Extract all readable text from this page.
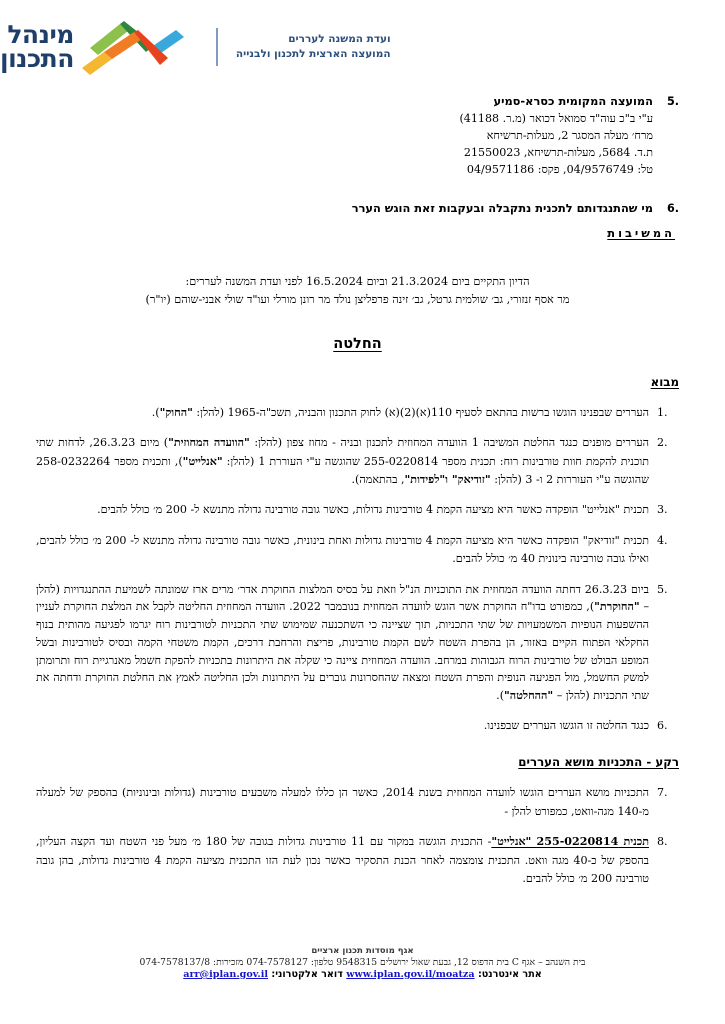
מינהל
התכנון
ועדת המשנה לעררים
המועצה הארצית לתכנון ולבנייה
5.
המועצה המקומית כסרא-סמיע
ע"י ב"כ עוה"ד סמואל דכואר (מ.ר. 41188)
מרח׳ מעלה המסגר 2, מעלות-תרשיחא
ת.ד. 5684, מעלות-תרשיחא, 21550023
טל: 04/9576749, פקס: 04/9571186
6.
מי שהתנגדותם לתכנית נתקבלה ובעקבות זאת הוגש הערר
המשיבות
הדיון התקיים ביום 21.3.2024 וביום 16.5.2024 לפני ועדת המשנה לעררים:
מר אסף זנזורי, גב׳ שולמית גרטל, גב׳ זינה פרפליצן נולד מר רונן מורלי ועו"ד שולי אבני-שוהם (יו"ר)
החלטה
מבוא
1.
העררים שבפנינו הוגשו ברשות בהתאם לסעיף 110(א)(2)(א) לחוק התכנון והבניה, תשכ"ה-1965 (להלן: "החוק").
2.
העררים מופנים כנגד החלטת המשיבה 1 הוועדה המחוזית לתכנון ובניה - מחוז צפון (להלן: "הוועדה המחוזית") מיום 26.3.23, לדחות שתי תוכנית להקמת חוות טורבינות רוח: תכנית מספר 255-0220814 שהוגשה ע"י העוררת 1 (להלן: "אנלייט"), ותכנית מספר 258-0232264 שהוגשה ע"י העוררות 2 ו- 3 (להלן: "זודיאק" ו"לפידות", בהתאמה).
3.
תכנית "אנלייט" הופקדה כאשר היא מציעה הקמת 4 טורבינות גדולות, כאשר גובה טורבינה גדולה מתנשא ל- 200 מ׳ כולל להבים.
4.
תכנית "זודיאק" הופקדה כאשר היא מציעה הקמת 4 טורבינות גדולות ואחת בינונית, כאשר גובה טורבינה גדולה מתנשא ל- 200 מ׳ כולל להבים, ואילו גובה טורבינה בינונית 40 מ׳ כולל להבים.
5.
ביום 26.3.23 דחתה הוועדה המחוזית את התוכניות הנ"ל וזאת על בסיס המלצות החוקרת אדר׳ מרים ארז שמונתה לשמיעת ההתנגדויות (להלן – "החוקרת"), כמפורט בדו"ח החוקרת אשר הוגש לוועדה המחוזית בנובמבר 2022. הוועדה המחוזית החליטה לקבל את המלצת החוקרת לעניין ההשפעות הנופיות המשמעויות של שתי התכניות, תוך שציינה כי השתכנעה שמימוש שתי התכניות לטורבינות רוח יגרמו לפגיעה מהותית בנוף החקלאי הפתוח הקיים באזור, הן בהפרת השטח לשם הקמת טורבינות, פריצת והרחבת דרכים, הקמת משטחי הקמה ובסיס לטורבינות ובשל המופע הבולט של טורבינות הרוח הגבוהות במרחב. הוועדה המחוזית ציינה כי שקלה את היתרונות בתכניות להפקת חשמל מאנרגיית רוח ותרומתן למשק החשמל, מול הפגיעה הנופית והפרת השטח ומצאה שהחסרונות גוברים על היתרונות ולכן החליטה לאמץ את החלטת החוקרת ודחתה את שתי התכניות (להלן – "ההחלטה").
6.
כנגד החלטה זו הוגשו העררים שבפנינו.
רקע - התכניות מושא העררים
7.
התכניות מושא העררים הוגשו לוועדה המחוזית בשנת 2014, כאשר הן כללו למעלה משבעים טורבינות (גדולות ובינוניות) בהספק של למעלה מ-140 מגה-וואט, כמפורט להלן -
8.
תכנית 255-0220814 "אנלייט"- התכנית הוגשה במקור עם 11 טורבינות גדולות בגובה של 180 מ׳ מעל פני השטח ועד הקצה העליון, בהספק של כ-40 מגה וואט. התכנית צומצמה לאחר הכנת התסקיר כאשר נכון לעת הזו התכנית מציעה הקמת 4 טורבינות גדולות, בהן גובה טורבינה 200 מ׳ כולל להבים.
אגף מוסדות תכנון ארציים
בית השנהב – אגף C בית הדפוס 12, גבעת שאול ירושלים 9548315 טלפון: 074-7578127 מזכירות: 074-7578137/8
אתר אינטרנט: www.iplan.gov.il/moatza דואר אלקטרוני: arr@iplan.gov.il
